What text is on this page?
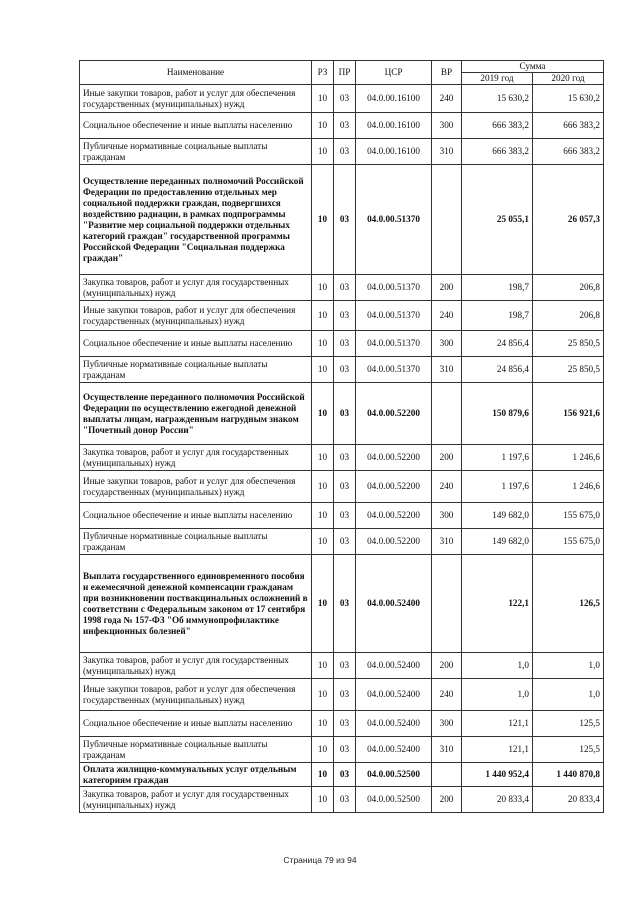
Наименование	РЗ	ПР	ЦСР	ВР	Сумма	
					2019 год	2020 год
Иные закупки товаров, работ и услуг для обеспечения государственных (муниципальных) нужд	10	03	04.0.00.16100	240	15 630,2	15 630,2
Социальное обеспечение и иные выплаты населению	10	03	04.0.00.16100	300	666 383,2	666 383,2
Публичные нормативные социальные выплаты гражданам	10	03	04.0.00.16100	310	666 383,2	666 383,2
Осуществление переданных полномочий Российской Федерации по предоставлению отдельных мер социальной поддержки граждан, подвергшихся воздействию радиации, в рамках подпрограммы "Развитие мер социальной поддержки отдельных категорий граждан" государственной программы Российской Федерации "Социальная поддержка граждан"	10	03	04.0.00.51370		25 055,1	26 057,3
Закупка товаров, работ и услуг для государственных (муниципальных) нужд	10	03	04.0.00.51370	200	198,7	206,8
Иные закупки товаров, работ и услуг для обеспечения государственных (муниципальных) нужд	10	03	04.0.00.51370	240	198,7	206,8
Социальное обеспечение и иные выплаты населению	10	03	04.0.00.51370	300	24 856,4	25 850,5
Публичные нормативные социальные выплаты гражданам	10	03	04.0.00.51370	310	24 856,4	25 850,5
Осуществление переданного полномочия Российской Федерации по осуществлению ежегодной денежной выплаты лицам, награжденным нагрудным знаком "Почетный донор России"	10	03	04.0.00.52200		150 879,6	156 921,6
Закупка товаров, работ и услуг для государственных (муниципальных) нужд	10	03	04.0.00.52200	200	1 197,6	1 246,6
Иные закупки товаров, работ и услуг для обеспечения государственных (муниципальных) нужд	10	03	04.0.00.52200	240	1 197,6	1 246,6
Социальное обеспечение и иные выплаты населению	10	03	04.0.00.52200	300	149 682,0	155 675,0
Публичные нормативные социальные выплаты гражданам	10	03	04.0.00.52200	310	149 682,0	155 675,0
Выплата государственного единовременного пособия и ежемесячной денежной компенсации гражданам при возникновении поствакцинальных осложнений в соответствии с Федеральным законом от 17 сентября 1998 года № 157-ФЗ "Об иммунопрофилактике инфекционных болезней"	10	03	04.0.00.52400		122,1	126,5
Закупка товаров, работ и услуг для государственных (муниципальных) нужд	10	03	04.0.00.52400	200	1,0	1,0
Иные закупки товаров, работ и услуг для обеспечения государственных (муниципальных) нужд	10	03	04.0.00.52400	240	1,0	1,0
Социальное обеспечение и иные выплаты населению	10	03	04.0.00.52400	300	121,1	125,5
Публичные нормативные социальные выплаты гражданам	10	03	04.0.00.52400	310	121,1	125,5
Оплата жилищно-коммунальных услуг отдельным категориям граждан	10	03	04.0.00.52500		1 440 952,4	1 440 870,8
Закупка товаров, работ и услуг для государственных (муниципальных) нужд	10	03	04.0.00.52500	200	20 833,4	20 833,4
Страница 79 из 94
